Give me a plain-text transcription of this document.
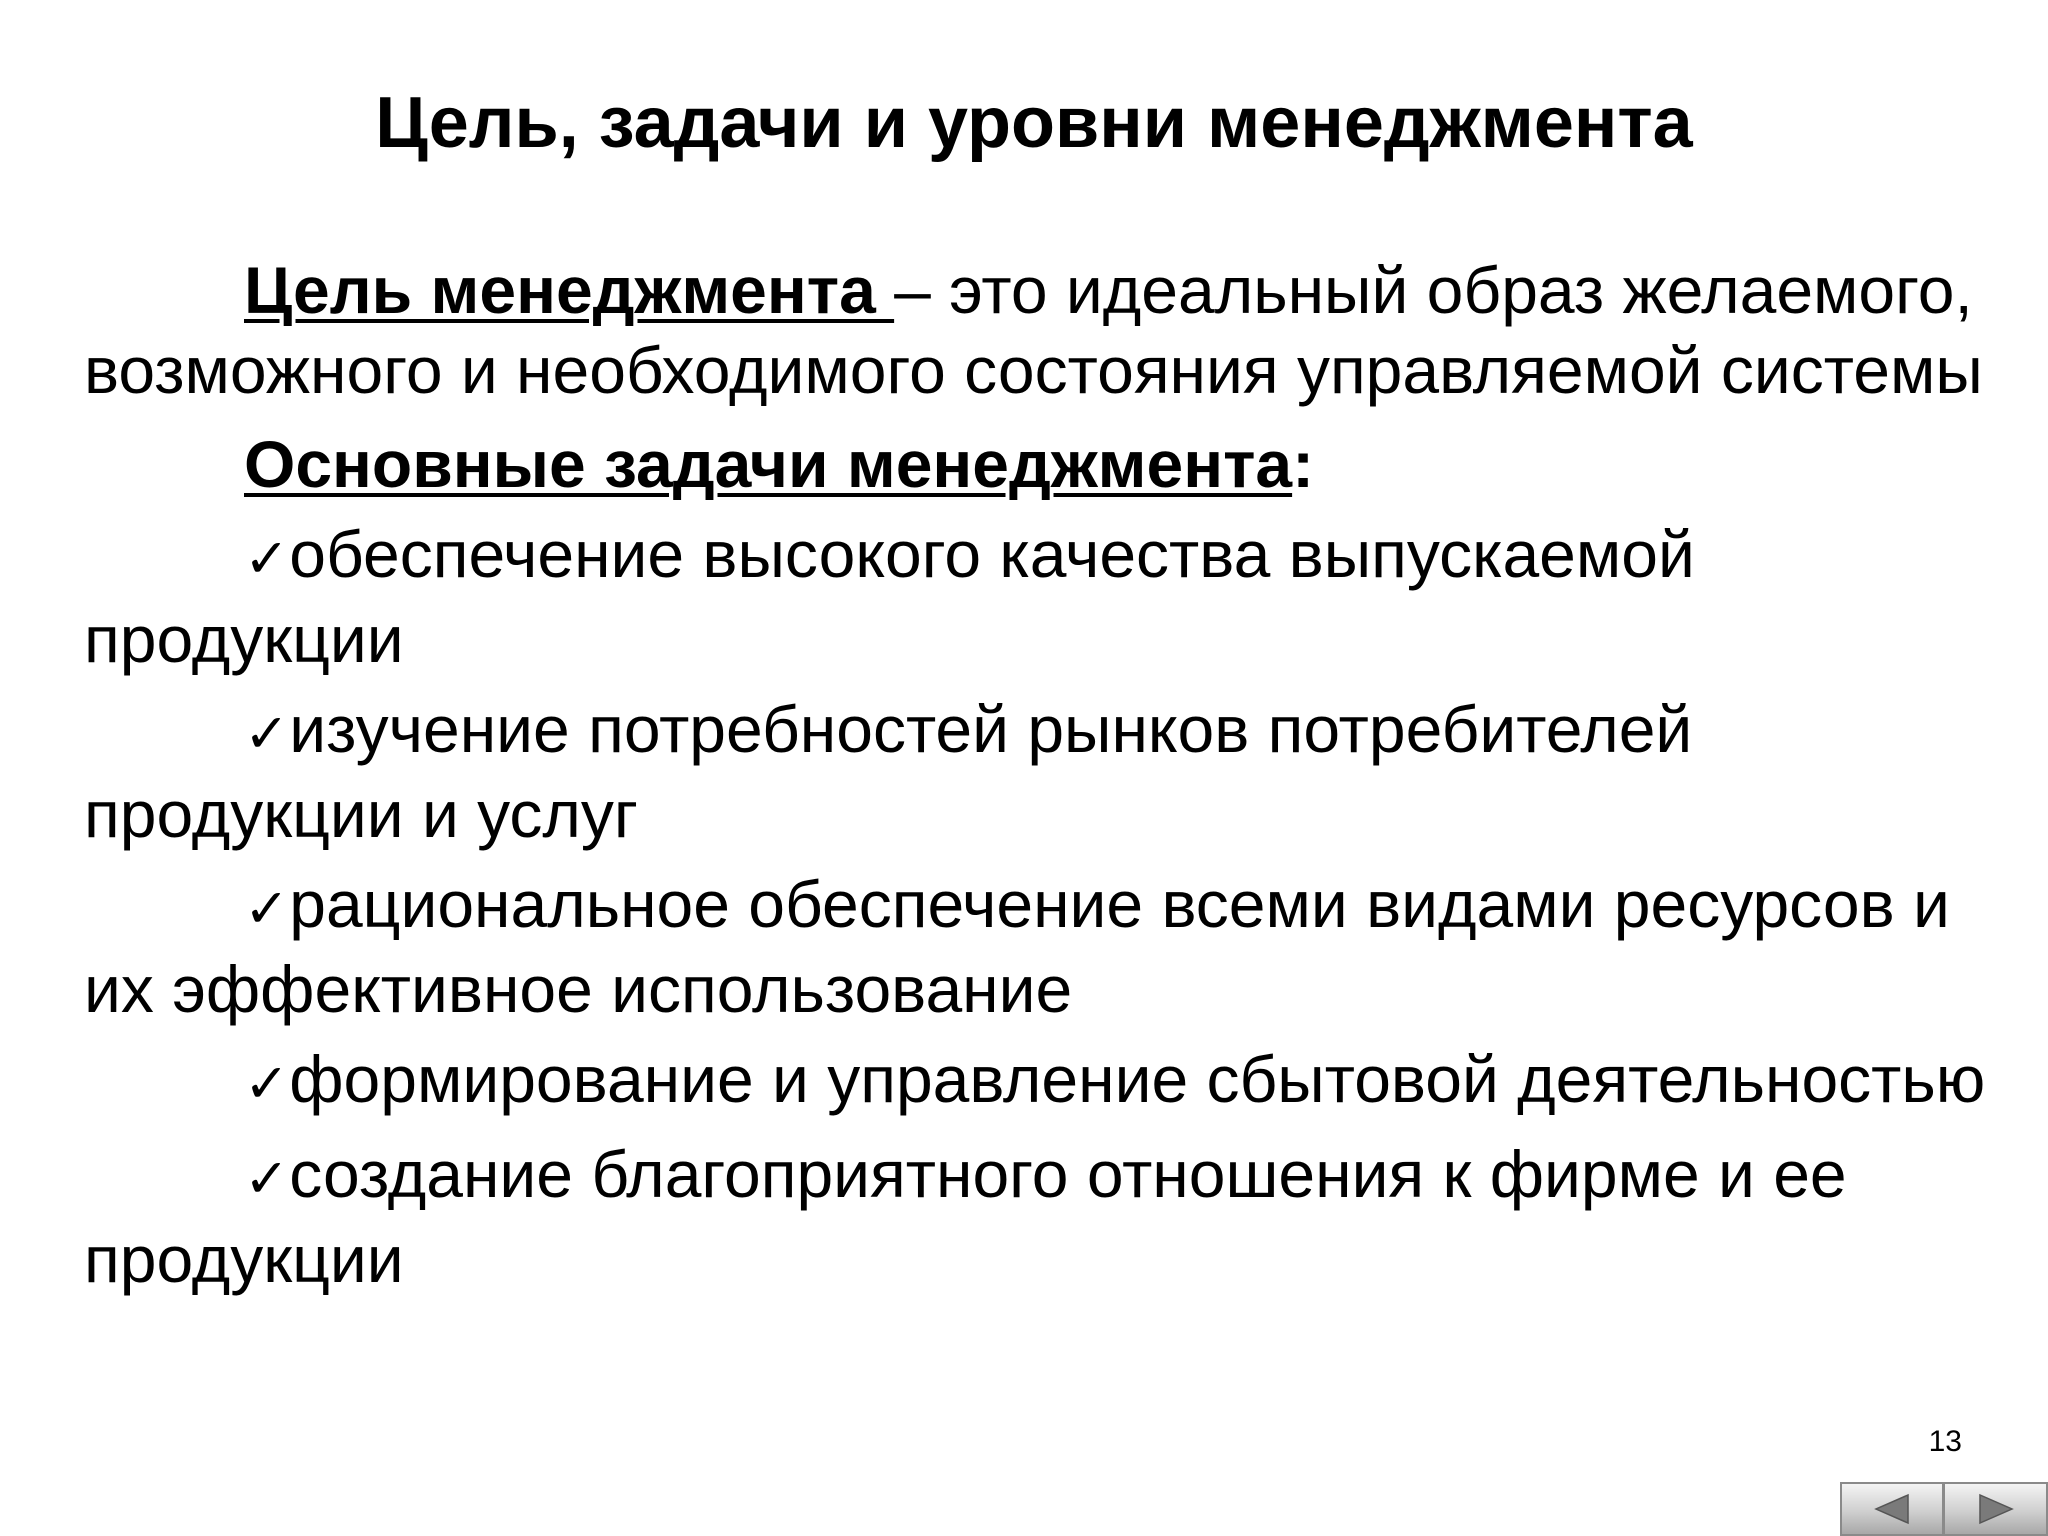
Цель, задачи и уровни менеджмента

Цель менеджмента – это идеальный образ желаемого, возможного и необходимого состояния управляемой системы

Основные задачи менеджмента:

✓обеспечение высокого качества выпускаемой продукции

✓изучение потребностей рынков потребителей продукции и услуг

✓рациональное обеспечение всеми видами ресурсов и их эффективное использование

✓формирование и управление сбытовой деятельностью

✓создание благоприятного отношения к фирме и ее продукции

13
